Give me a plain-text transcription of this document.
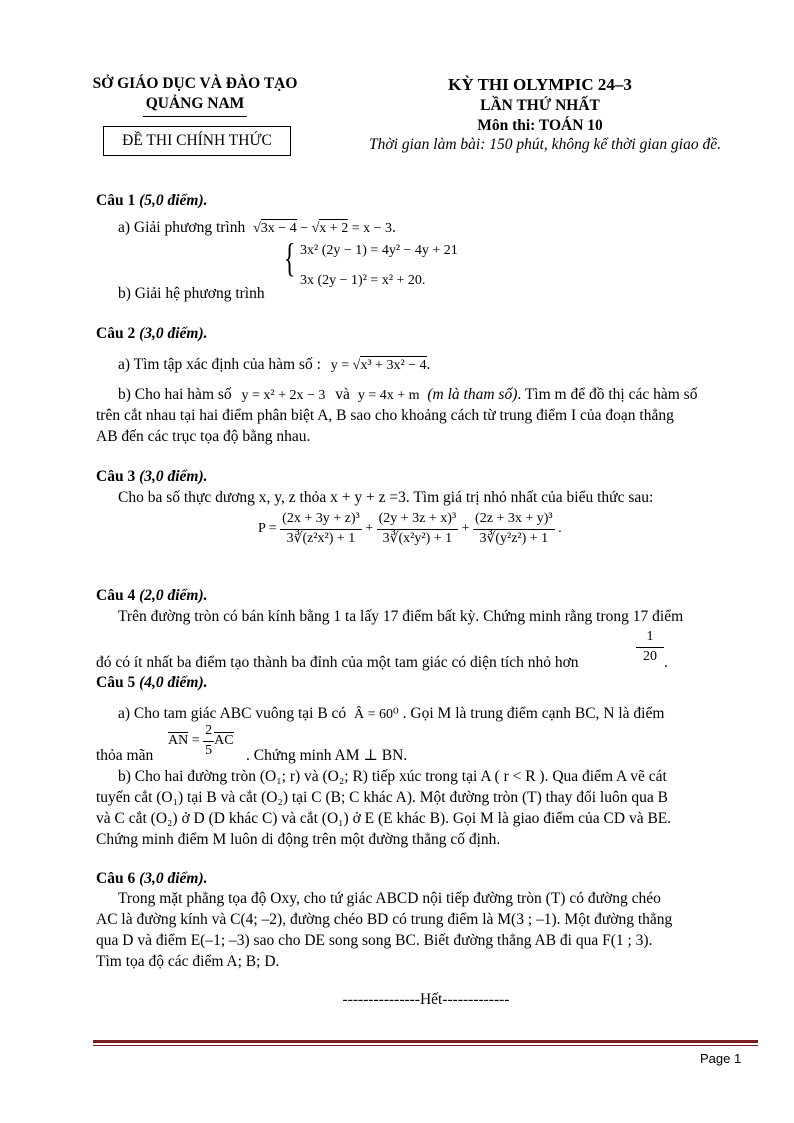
SỞ GIÁO DỤC VÀ ĐÀO TẠO
QUẢNG NAM
ĐỀ THI CHÍNH THỨC
KỲ THI OLYMPIC 24–3
LẦN THỨ NHẤT
Môn thi: TOÁN 10
Thời gian làm bài: 150 phút, không kể thời gian giao đề.
Câu 1 (5,0 điểm).
a) Giải phương trình √3x − 4 − √x + 2 = x − 3.
{ 3x² (2y − 1) = 4y² − 4y + 21
3x (2y − 1)² = x² + 20.
b) Giải hệ phương trình
Câu 2 (3,0 điểm).
a) Tìm tập xác định của hàm số : y = √x³ + 3x² − 4.
b) Cho hai hàm số y = x² + 2x − 3 và y = 4x + m (m là tham số). Tìm m để đồ thị các hàm số
trên cắt nhau tại hai điểm phân biệt A, B sao cho khoảng cách từ trung điểm I của đoạn thẳng
AB đến các trục tọa độ bằng nhau.
Câu 3 (3,0 điểm).
Cho ba số thực dương x, y, z thỏa x + y + z =3. Tìm giá trị nhỏ nhất của biểu thức sau:
$P = \frac{\text{(2x + 3y + z)³}}{\text{3∛(z²x²) + 1}} + \frac{\text{(2y + 3z + x)³}}{\text{3∛(x²y²) + 1}} + \frac{\text{(2z + 3x + y)³}}{\text{3∛(y²z²) + 1}}$ .
Câu 4 (2,0 điểm).
Trên đường tròn có bán kính bằng 1 ta lấy 17 điểm bất kỳ. Chứng minh rằng trong 17 điểm
đó có ít nhất ba điểm tạo thành ba đỉnh của một tam giác có diện tích nhỏ hơn
1
20 .
Câu 5 (4,0 điểm).
a) Cho tam giác ABC vuông tại B có Â = 60⁰ . Gọi M là trung điểm cạnh BC, N là điểm
thỏa mãn
AN = $\frac{2}{5}$ AC
. Chứng minh AM ⊥ BN.
b) Cho hai đường tròn (O₁; r) và (O₂; R) tiếp xúc trong tại A ( r < R ). Qua điểm A vẽ cát
tuyến cắt (O₁) tại B và cắt (O₂) tại C (B; C khác A). Một đường tròn (T) thay đổi luôn qua B
và C cắt (O₂) ở D (D khác C) và cắt (O₁) ở E (E khác B). Gọi M là giao điểm của CD và BE.
Chứng minh điểm M luôn di động trên một đường thẳng cố định.
Câu 6 (3,0 điểm).
Trong mặt phẳng tọa độ Oxy, cho tứ giác ABCD nội tiếp đường tròn (T) có đường chéo
AC là đường kính và C(4; –2), đường chéo BD có trung điểm là M(3 ; –1). Một đường thẳng
qua D và điểm E(–1; –3) sao cho DE song song BC. Biết đường thẳng AB đi qua F(1 ; 3).
Tìm tọa độ các điểm A; B; D.
---------------Hết-------------
Page 1
